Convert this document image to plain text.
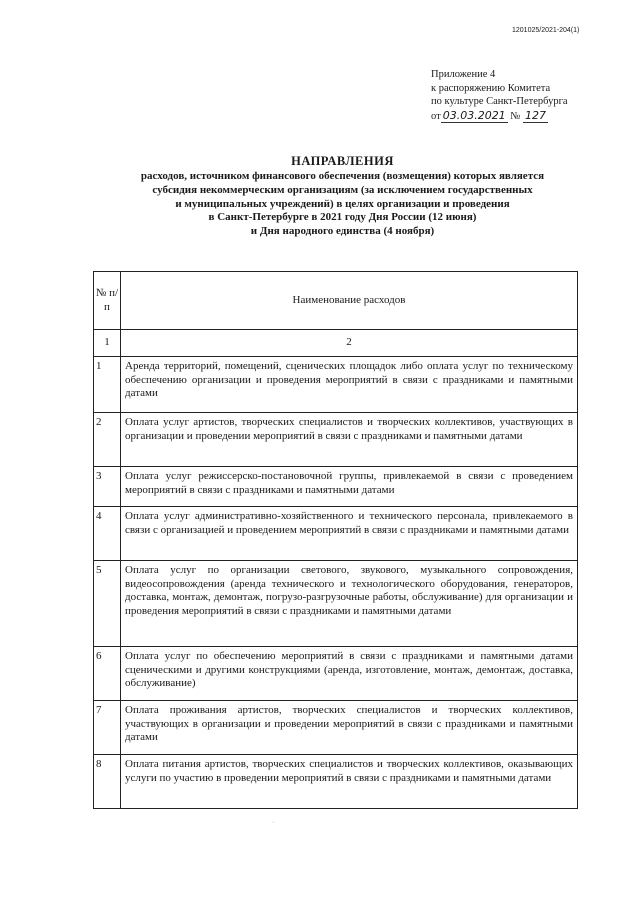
1201025/2021-204(1)
Приложение 4
к распоряжению Комитета
по культуре Санкт-Петербурга
от 03.03.2021 № 127
НАПРАВЛЕНИЯ
расходов, источником финансового обеспечения (возмещения) которых является
субсидия некоммерческим организациям (за исключением государственных
и муниципальных учреждений) в целях организации и проведения
в Санкт-Петербурге в 2021 году Дня России (12 июня)
и Дня народного единства (4 ноября)
№ п/п	Наименование расходов
1	2
1	Аренда территорий, помещений, сценических площадок либо оплата услуг по техническому обеспечению организации и проведения мероприятий в связи с праздниками и памятными датами
2	Оплата услуг артистов, творческих специалистов и творческих коллективов, участвующих в организации и проведении мероприятий в связи с праздниками и памятными датами
3	Оплата услуг режиссерско-постановочной группы, привлекаемой в связи с проведением мероприятий в связи с праздниками и памятными датами
4	Оплата услуг административно-хозяйственного и технического персонала, привлекаемого в связи с организацией и проведением мероприятий в связи с праздниками и памятными датами
5	Оплата услуг по организации светового, звукового, музыкального сопровождения, видеосопровождения (аренда технического и технологического оборудования, генераторов, доставка, монтаж, демонтаж, погрузо-разгрузочные работы, обслуживание) для организации и проведения мероприятий в связи с праздниками и памятными датами
6	Оплата услуг по обеспечению мероприятий в связи с праздниками и памятными датами сценическими и другими конструкциями (аренда, изготовление, монтаж, демонтаж, доставка, обслуживание)
7	Оплата проживания артистов, творческих специалистов и творческих коллективов, участвующих в организации и проведении мероприятий в связи с праздниками и памятными датами
8	Оплата питания артистов, творческих специалистов и творческих коллективов, оказывающих услуги по участию в проведении мероприятий в связи с праздниками и памятными датами
·
